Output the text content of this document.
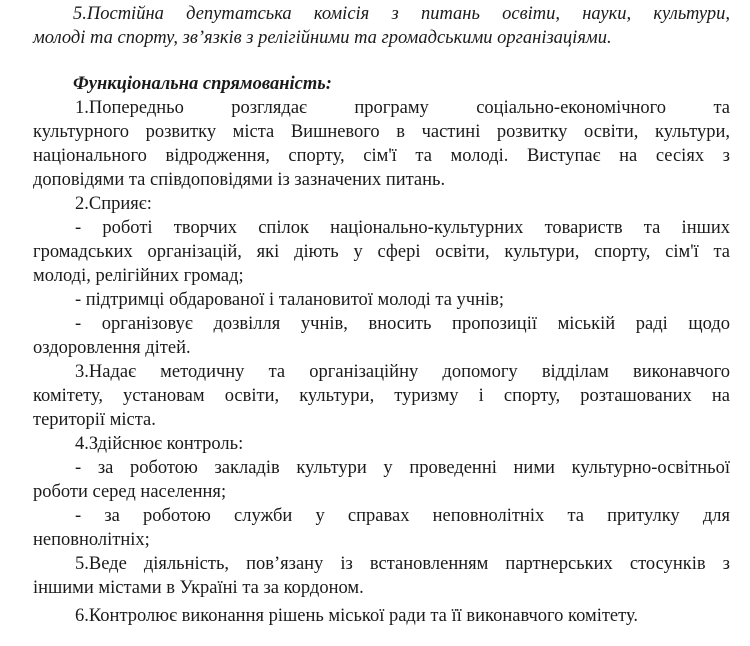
5.Постійна депутатська комісія з питань освіти, науки, культури,
молоді та спорту, зв’язків з релігійними та громадськими організаціями.
Функціональна спрямованість:
1.Попередньо розглядає програму соціально-економічного та
культурного розвитку міста Вишневого в частині розвитку освіти, культури,
національного відродження, спорту, сім'ї та молоді. Виступає на сесіях з
доповідями та співдоповідями із зазначених питань.
2.Сприяє:
- роботі творчих спілок національно-культурних товариств та інших
громадських організацій, які діють у сфері освіти, культури, спорту, сім'ї та
молоді, релігійних громад;
- підтримці обдарованої і талановитої молоді та учнів;
- організовує дозвілля учнів, вносить пропозиції міській раді щодо
оздоровлення дітей.
3.Надає методичну та організаційну допомогу відділам виконавчого
комітету, установам освіти, культури, туризму і спорту, розташованих на
території міста.
4.Здійснює контроль:
- за роботою закладів культури у проведенні ними культурно-освітньої
роботи серед населення;
- за роботою служби у справах неповнолітніх та притулку для
неповнолітніх;
5.Веде діяльність, пов’язану із встановленням партнерських стосунків з
іншими містами в Україні та за кордоном.
6.Контролює виконання рішень міської ради та її виконавчого комітету.
